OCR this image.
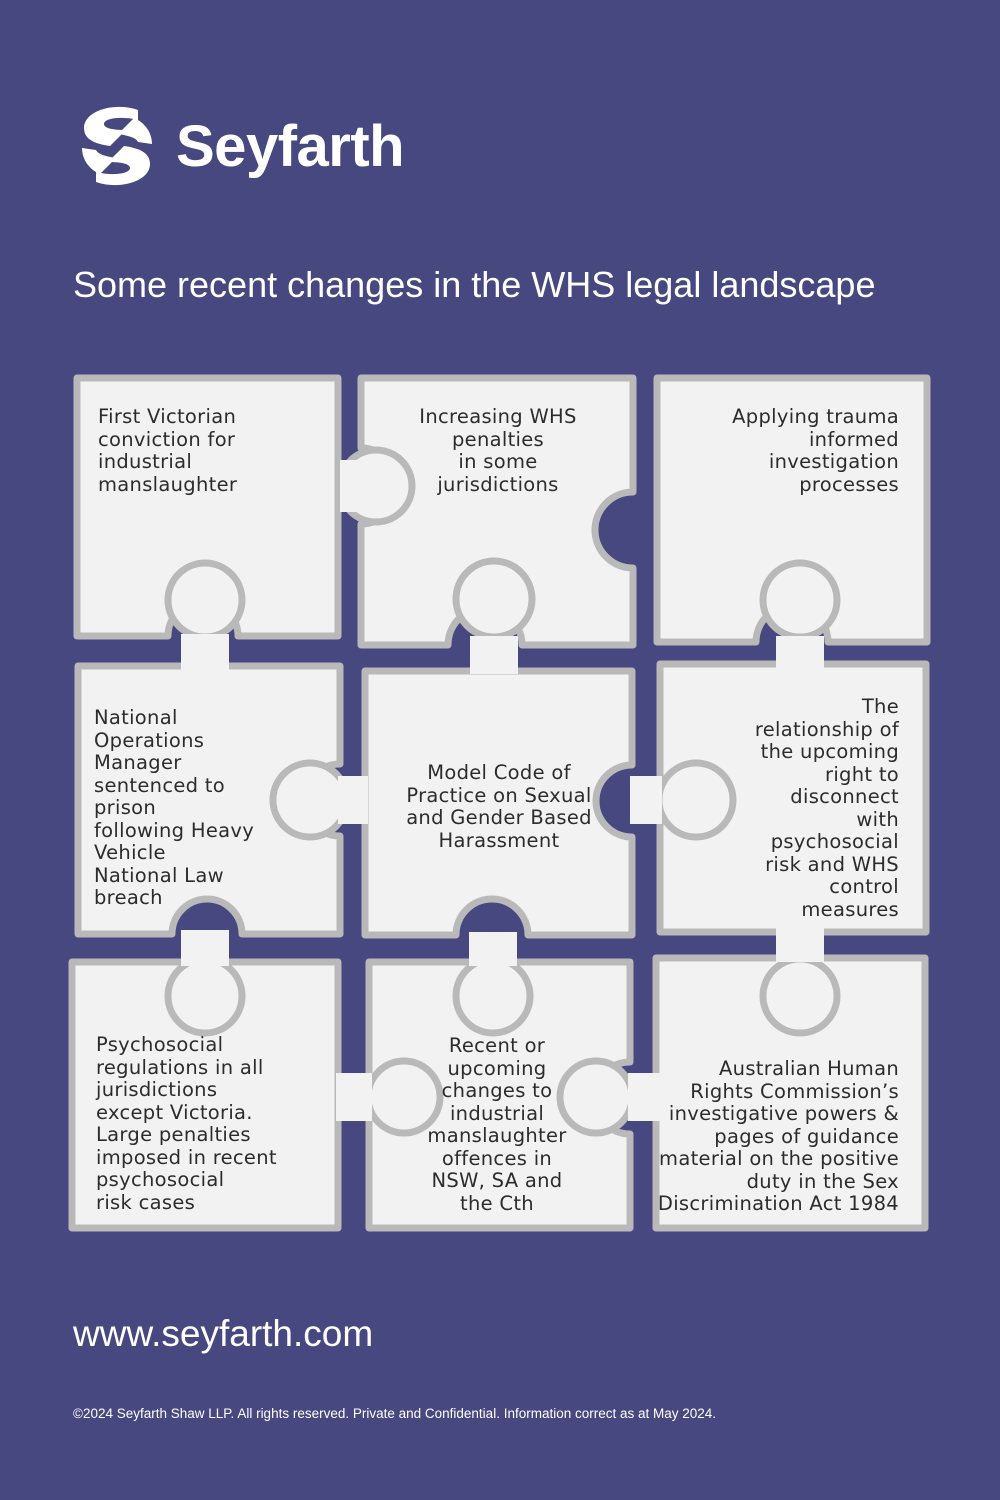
Seyfarth
Some recent changes in the WHS legal landscape
First Victorian
conviction for
industrial
manslaughter
Increasing WHS
penalties
in some
jurisdictions
Applying trauma
informed
investigation
processes
National
Operations
Manager
sentenced to
prison
following Heavy
Vehicle
National Law
breach
Model Code of
Practice on Sexual
and Gender Based
Harassment
The
relationship of
the upcoming
right to
disconnect
with
psychosocial
risk and WHS
control
measures
Psychosocial
regulations in all
jurisdictions
except Victoria.
Large penalties
imposed in recent
psychosocial
risk cases
Recent or
upcoming
changes to
industrial
manslaughter
offences in
NSW, SA and
the Cth
Australian Human
Rights Commission’s
investigative powers &
pages of guidance
material on the positive
duty in the Sex
Discrimination Act 1984
www.seyfarth.com
©2024 Seyfarth Shaw LLP. All rights reserved. Private and Confidential. Information correct as at May 2024.
